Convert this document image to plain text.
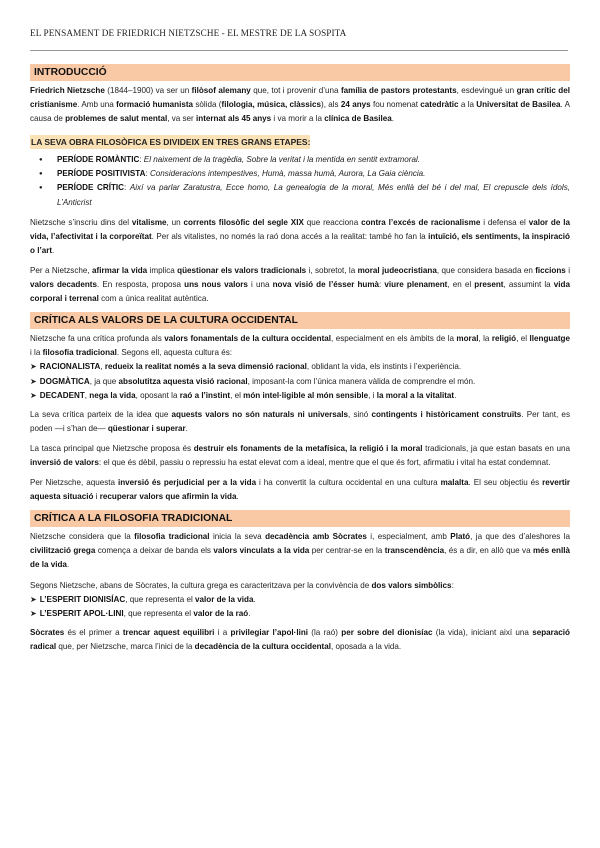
EL PENSAMENT DE FRIEDRICH NIETZSCHE - EL MESTRE DE LA SOSPITA
INTRODUCCIÓ

Friedrich Nietzsche (1844–1900) va ser un filòsof alemany que, tot i provenir d’una família de pastors protestants, esdevingué un gran crític del cristianisme. Amb una formació humanista sòlida (filologia, música, clàssics), als 24 anys fou nomenat catedràtic a la Universitat de Basilea. A causa de problemes de salut mental, va ser internat als 45 anys i va morir a la clínica de Basilea.

LA SEVA OBRA FILOSÒFICA ES DIVIDEIX EN TRES GRANS ETAPES:
● PERÍODE ROMÀNTIC: El naixement de la tragèdia, Sobre la veritat i la mentida en sentit extramoral.
● PERÍODE POSITIVISTA: Consideracions intempestives, Humà, massa humà, Aurora, La Gaia ciència.
● PERÍODE CRÍTIC: Així va parlar Zaratustra, Ecce homo, La genealogia de la moral, Més enllà del bé i del mal, El crepuscle dels ídols, L’Anticrist

Nietzsche s’inscriu dins del vitalisme, un corrents filosòfic del segle XIX que reacciona contra l’excés de racionalisme i defensa el valor de la vida, l’afectivitat i la corporeïtat. Per als vitalistes, no només la raó dona accés a la realitat: també ho fan la intuïció, els sentiments, la inspiració o l’art.

Per a Nietzsche, afirmar la vida implica qüestionar els valors tradicionals i, sobretot, la moral judeocristiana, que considera basada en ficcions i valors decadents. En resposta, proposa uns nous valors i una nova visió de l’ésser humà: viure plenament, en el present, assumint la vida corporal i terrenal com a única realitat autèntica.

CRÍTICA ALS VALORS DE LA CULTURA OCCIDENTAL

Nietzsche fa una crítica profunda als valors fonamentals de la cultura occidental, especialment en els àmbits de la moral, la religió, el llenguatge i la filosofia tradicional. Segons ell, aquesta cultura és:

➤ RACIONALISTA, redueix la realitat només a la seva dimensió racional, oblidant la vida, els instints i l’experiència.

➤ DOGMÀTICA, ja que absolutitza aquesta visió racional, imposant-la com l’única manera vàlida de comprendre el món.

➤ DECADENT, nega la vida, oposant la raó a l’instint, el món intel·ligible al món sensible, i la moral a la vitalitat.

La seva crítica parteix de la idea que aquests valors no són naturals ni universals, sinó contingents i històricament construïts. Per tant, es poden —i s’han de— qüestionar i superar.

La tasca principal que Nietzsche proposa és destruir els fonaments de la metafísica, la religió i la moral tradicionals, ja que estan basats en una inversió de valors: el que és dèbil, passiu o repressiu ha estat elevat com a ideal, mentre que el que és fort, afirmatiu i vital ha estat condemnat.

Per Nietzsche, aquesta inversió és perjudicial per a la vida i ha convertit la cultura occidental en una cultura malalta. El seu objectiu és revertir aquesta situació i recuperar valors que afirmin la vida.

CRÍTICA A LA FILOSOFIA TRADICIONAL

Nietzsche considera que la filosofia tradicional inicia la seva decadència amb Sòcrates i, especialment, amb Plató, ja que des d’aleshores la civilització grega comença a deixar de banda els valors vinculats a la vida per centrar-se en la transcendència, és a dir, en allò que va més enllà de la vida.

Segons Nietzsche, abans de Sòcrates, la cultura grega es caracteritzava per la convivència de dos valors simbòlics:

➤ L’ESPERIT DIONISÍAC, que representa el valor de la vida.

➤ L’ESPERIT APOL·LINI, que representa el valor de la raó.

Sòcrates és el primer a trencar aquest equilibri i a privilegiar l’apol·lini (la raó) per sobre del dionisíac (la vida), iniciant així una separació radical que, per Nietzsche, marca l’inici de la decadència de la cultura occidental, oposada a la vida.
